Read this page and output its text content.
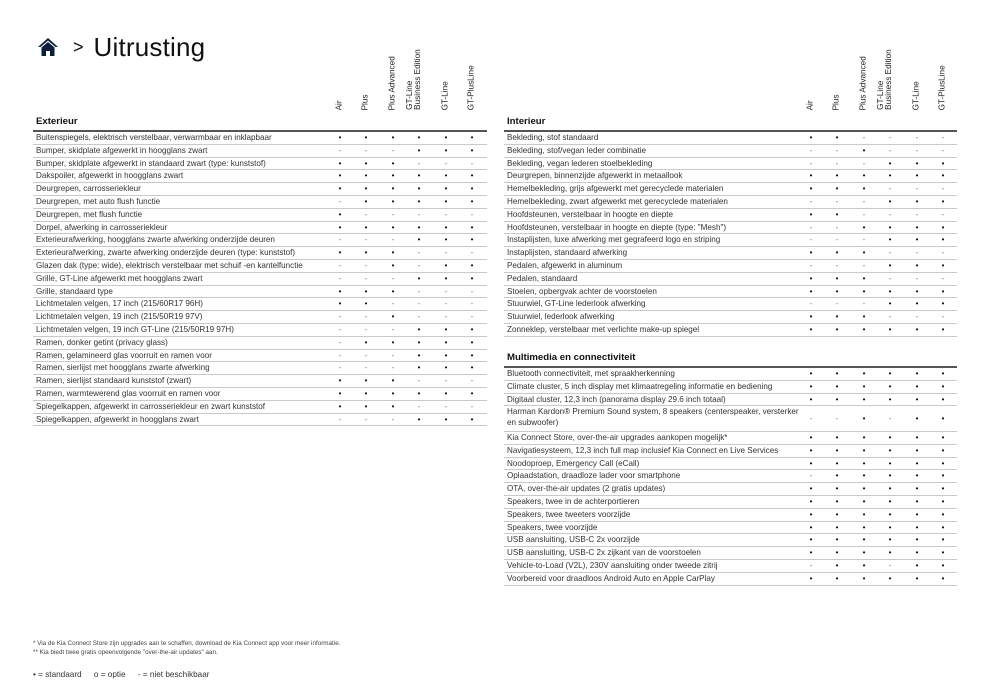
> Uitrusting
Air Plus Plus Advanced GT-Line
Business Edition
GT-Line GT-PlusLine
Exterieur
Buitenspiegels, elektrisch verstelbaar, verwarmbaar en inklapbaar	•	•	•	•	•	•
Bumper, skidplate afgewerkt in hoogglans zwart	-	-	-	•	•	•
Bumper, skidplate afgewerkt in standaard zwart (type: kunststof)	•	•	•	-	-	-
Dakspoiler, afgewerkt in hoogglans zwart	•	•	•	•	•	•
Deurgrepen, carrosseriekleur	•	•	•	•	•	•
Deurgrepen, met auto flush functie	-	•	•	•	•	•
Deurgrepen, met flush functie	•	-	-	-	-	-
Dorpel, afwerking in carrosseriekleur	•	•	•	•	•	•
Exterieurafwerking, hoogglans zwarte afwerking onderzijde deuren	-	-	-	•	•	•
Exterieurafwerking, zwarte afwerking onderzijde deuren (type: kunststof)	•	•	•	-	-	-
Glazen dak (type: wide), elektrisch verstelbaar met schuif -en kantelfunctie	-	-	•	-	•	•
Grille, GT-Line afgewerkt met hoogglans zwart	-	-	-	•	•	•
Grille, standaard type	•	•	•	-	-	-
Lichtmetalen velgen, 17 inch (215/60R17 96H)	•	•	-	-	-	-
Lichtmetalen velgen, 19 inch (215/50R19 97V)	-	-	•	-	-	-
Lichtmetalen velgen, 19 inch GT-Line (215/50R19 97H)	-	-	-	•	•	•
Ramen, donker getint (privacy glass)	-	•	•	•	•	•
Ramen, gelamineerd glas voorruit en ramen voor	-	-	-	•	•	•
Ramen, sierlijst met hoogglans zwarte afwerking	-	-	-	•	•	•
Ramen, sierlijst standaard kunststof (zwart)	•	•	•	-	-	-
Ramen, warmtewerend glas voorruit en ramen voor	•	•	•	•	•	•
Spiegelkappen, afgewerkt in carrosseriekleur en zwart kunststof	•	•	•	-	-	-
Spiegelkappen, afgewerkt in hoogglans zwart	-	-	-	•	•	•
Air Plus Plus Advanced GT-Line
Business Edition
GT-Line GT-PlusLine
Interieur
Bekleding, stof standaard	•	•	-	-	-	-
Bekleding, stof/vegan leder combinatie	-	-	•	-	-	-
Bekleding, vegan lederen stoelbekleding	-	-	-	•	•	•
Deurgrepen, binnenzijde afgewerkt in metaallook	•	•	•	•	•	•
Hemelbekleding, grijs afgewerkt met gerecyclede materialen	•	•	•	-	-	-
Hemelbekleding, zwart afgewerkt met gerecyclede materialen	-	-	-	•	•	•
Hoofdsteunen, verstelbaar in hoogte en diepte	•	•	-	-	-	-
Hoofdsteunen, verstelbaar in hoogte en diepte (type: "Mesh")	-	-	•	•	•	•
Instaplijsten, luxe afwerking met gegrafeerd logo en striping	-	-	-	•	•	•
Instaplijsten, standaard afwerking	•	•	•	-	-	-
Pedalen, afgewerkt in aluminum	-	-	-	•	•	•
Pedalen, standaard	•	•	•	-	-	-
Stoelen, opbergvak achter de voorstoelen	•	•	•	•	•	•
Stuurwiel, GT-Line lederlook afwerking	-	-	-	•	•	•
Stuurwiel, lederlook afwerking	•	•	•	-	-	-
Zonneklep, verstelbaar met verlichte make-up spiegel	•	•	•	•	•	•
Multimedia en connectiviteit
Bluetooth connectiviteit, met spraakherkenning	•	•	•	•	•	•
Climate cluster, 5 inch display met klimaatregeling informatie en bediening	•	•	•	•	•	•
Digitaal cluster, 12,3 inch (panorama display 29.6 inch totaal)	•	•	•	•	•	•
Harman Kardon® Premium Sound system, 8 speakers (centerspeaker, versterker en subwoofer)	-	-	•	-	•	•
Kia Connect Store, over-the-air upgrades aankopen mogelijk*	•	•	•	•	•	•
Navigatiesysteem, 12,3 inch full map inclusief Kia Connect en Live Services	•	•	•	•	•	•
Noodoproep, Emergency Call (eCall)	•	•	•	•	•	•
Oplaadstation, draadloze lader voor smartphone	-	•	•	•	•	•
OTA, over-the-air updates (2 gratis updates)	•	•	•	•	•	•
Speakers, twee in de achterportieren	•	•	•	•	•	•
Speakers, twee tweeters voorzijde	•	•	•	•	•	•
Speakers, twee voorzijde	•	•	•	•	•	•
USB aansluiting, USB-C 2x voorzijde	•	•	•	•	•	•
USB aansluiting, USB-C 2x zijkant van de voorstoelen	•	•	•	•	•	•
Vehicle-to-Load (V2L), 230V aansluiting onder tweede zitrij	-	•	•	-	•	•
Voorbereid voor draadloos Android Auto en Apple CarPlay	•	•	•	•	•	•
* Via de Kia Connect Store zijn upgrades aan te schaffen, download de Kia Connect app voor meer informatie.
** Kia biedt twee gratis opeenvolgende "over-the-air updates" aan.
• = standaard o = optie - = niet beschikbaar
